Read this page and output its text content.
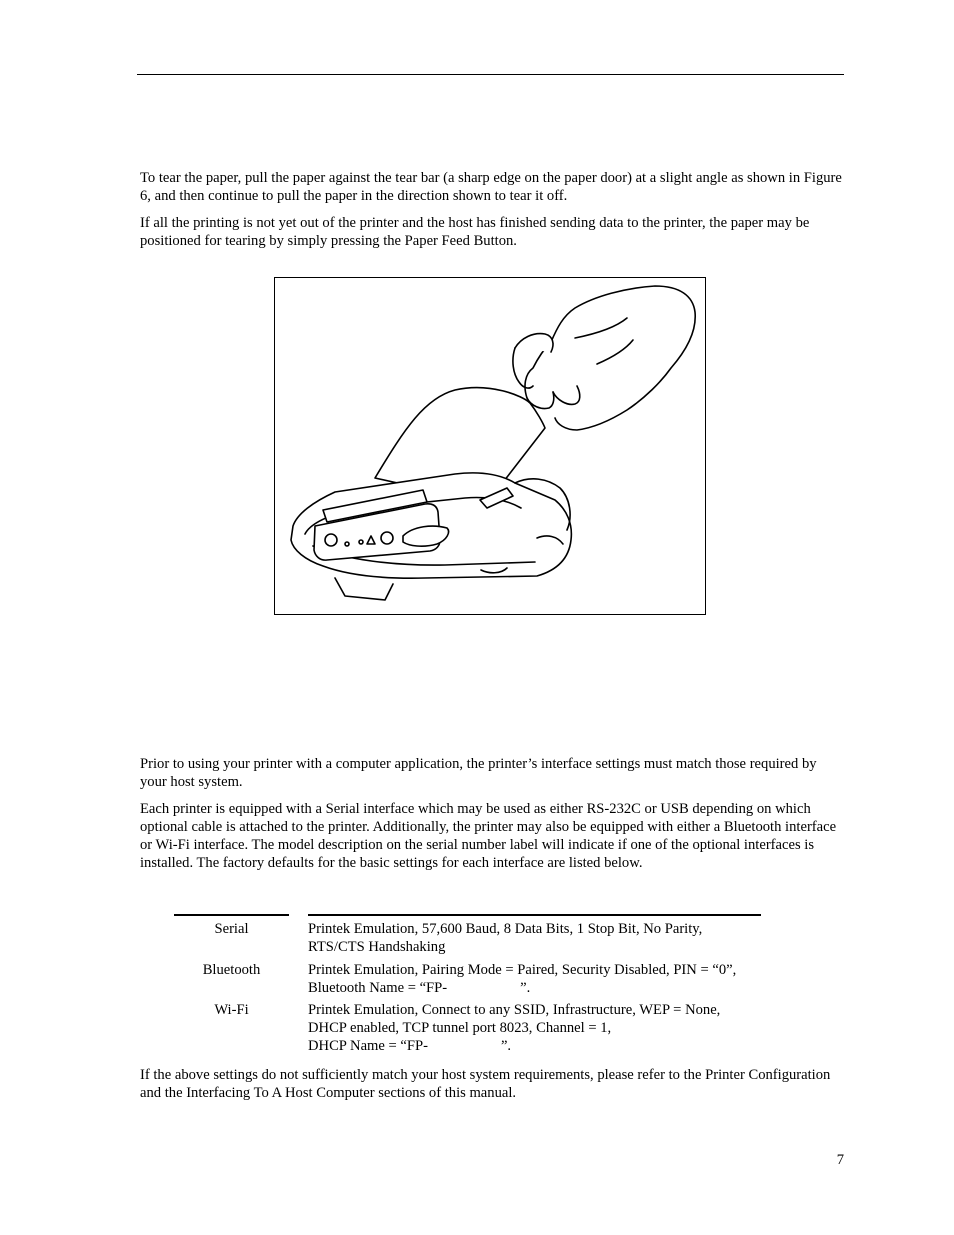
To tear the paper, pull the paper against the tear bar (a sharp edge on the paper door) at a slight angle as shown in Figure 6, and then continue to pull the paper in the direction shown to tear it off.

If all the printing is not yet out of the printer and the host has finished sending data to the printer, the paper may be positioned for tearing by simply pressing the Paper Feed Button.

Prior to using your printer with a computer application, the printer’s interface settings must match those required by your host system.

Each printer is equipped with a Serial interface which may be used as either RS-232C or USB depending on which optional cable is attached to the printer. Additionally, the printer may also be equipped with either a Bluetooth interface or Wi-Fi interface. The model description on the serial number label will indicate if one of the optional interfaces is installed. The factory defaults for the basic settings for each interface are listed below.

Serial	Printek Emulation, 57,600 Baud, 8 Data Bits, 1 Stop Bit, No Parity,
RTS/CTS Handshaking
Bluetooth	Printek Emulation, Pairing Mode = Paired, Security Disabled, PIN = “0”,
Bluetooth Name = “FP-                    ”.
Wi-Fi	Printek Emulation, Connect to any SSID, Infrastructure, WEP = None,
DHCP enabled, TCP tunnel port 8023, Channel = 1,
DHCP Name = “FP-                    ”.

If the above settings do not sufficiently match your host system requirements, please refer to the Printer Configuration and the Interfacing To A Host Computer sections of this manual.

7
